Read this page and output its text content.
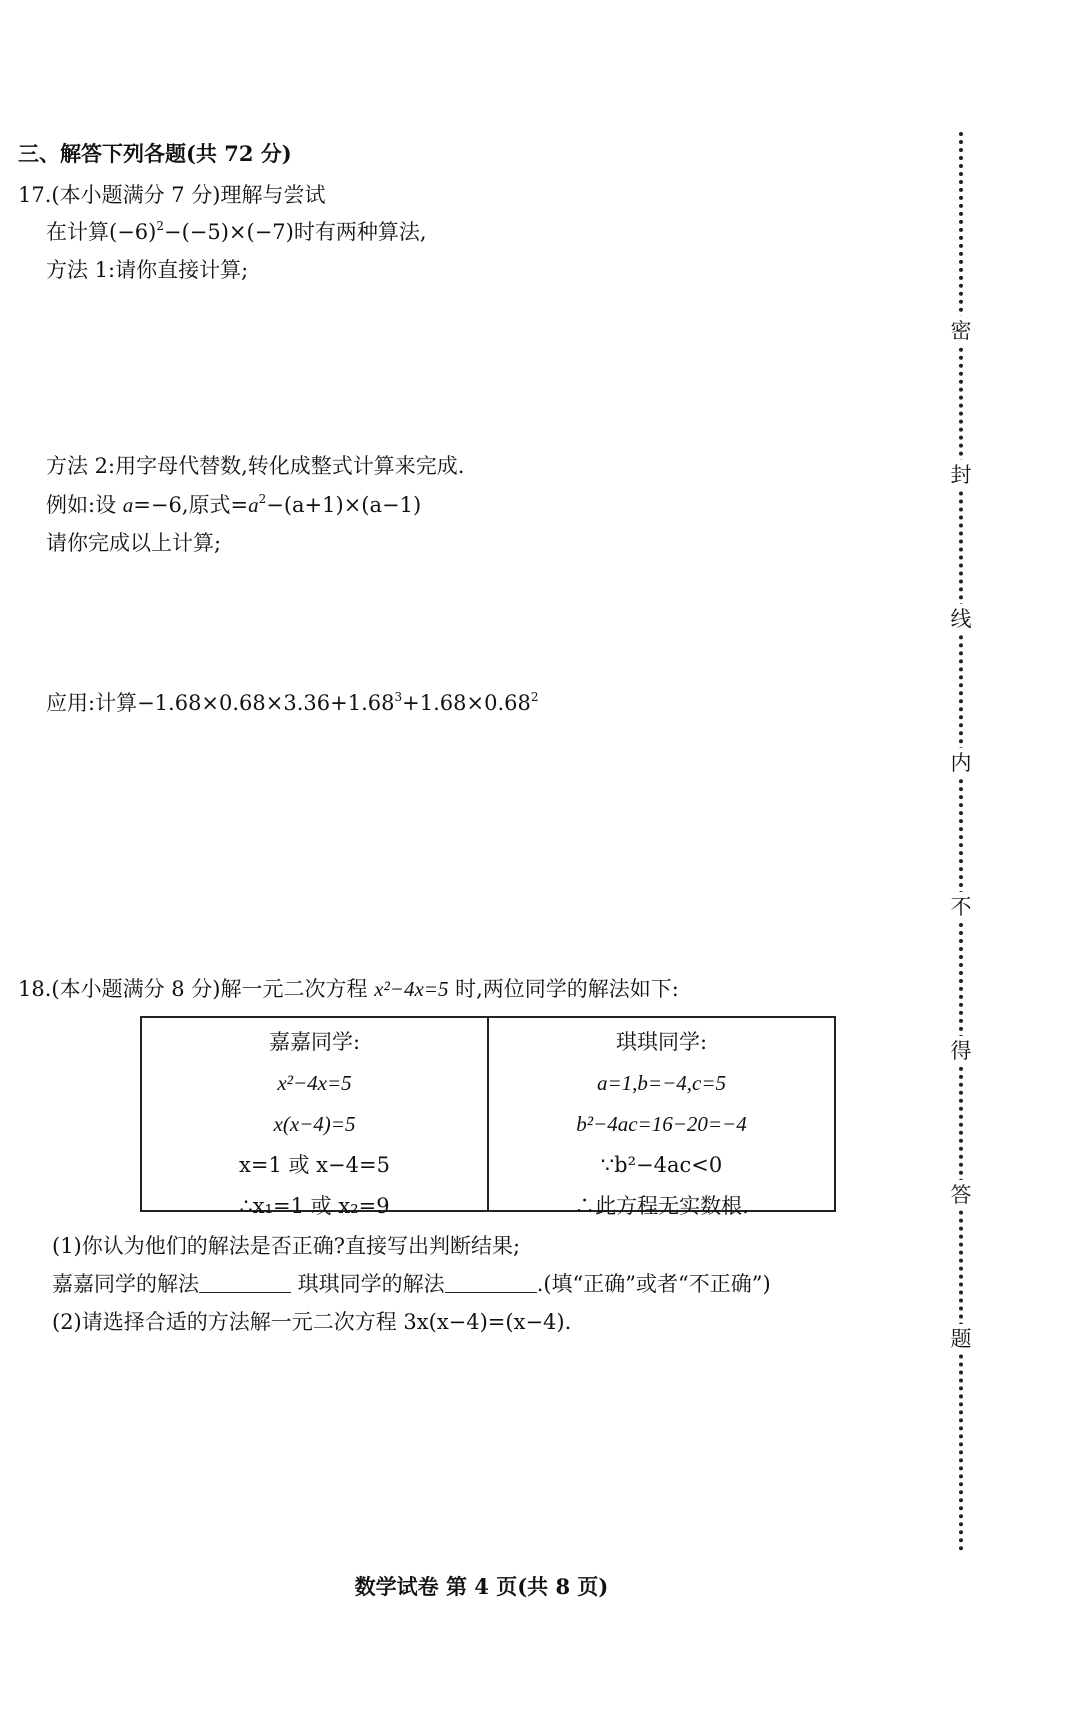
三、解答下列各题(共 72 分)
17.(本小题满分 7 分)理解与尝试
在计算$(-6)^2-(-5)\times(-7)$时有两种算法,
方法 1:请你直接计算;
方法 2:用字母代替数,转化成整式计算来完成.
例如:设 a=−6,原式$=a^2-(a+1)\times(a-1)$
请你完成以上计算;
应用:计算$-1.68\times 0.68\times 3.36+1.68^3+1.68\times 0.68^2$
18.(本小题满分 8 分)解一元二次方程 x²−4x=5 时,两位同学的解法如下:
嘉嘉同学:
x²−4x=5
x(x−4)=5
x=1 或 x−4=5
∴x₁=1 或 x₂=9
琪琪同学:
a=1,b=−4,c=5
b²−4ac=16−20=−4
∵b²−4ac<0
∴此方程无实数根.
(1)你认为他们的解法是否正确?直接写出判断结果;
嘉嘉同学的解法	琪琪同学的解法	.(填“正确”或者“不正确”)
(2)请选择合适的方法解一元二次方程 3x(x−4)=(x−4).
密
封
线
内
不
得
答
题
数学试卷 第 4 页(共 8 页)
